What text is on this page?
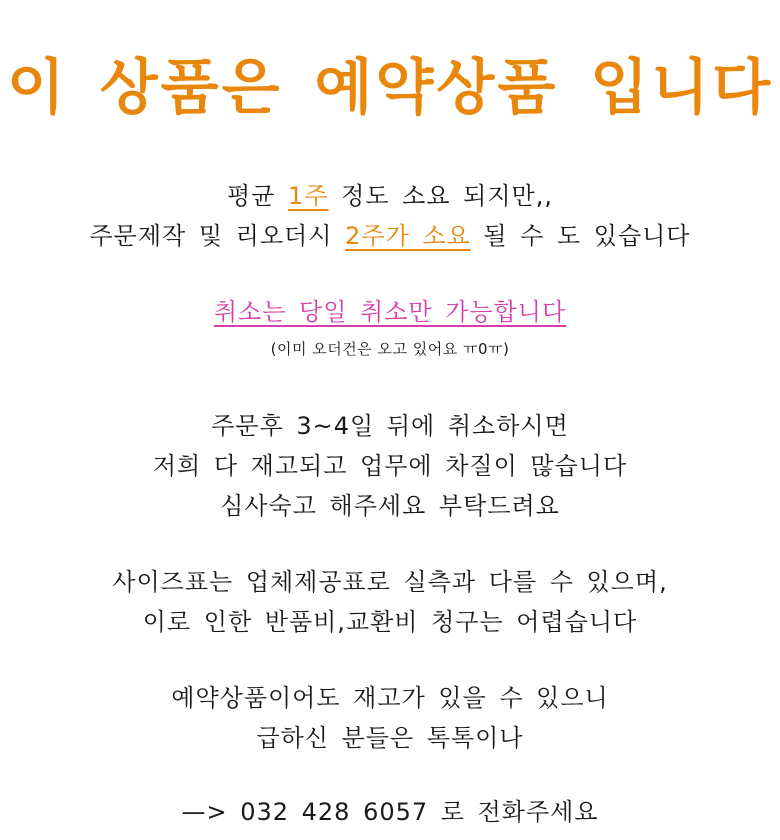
이 상품은 예약상품 입니다
평균 1주 정도 소요 되지만,,
주문제작 및 리오더시 2주가 소요 될 수 도 있습니다
취소는 당일 취소만 가능합니다
(이미 오더건은 오고 있어요 ㅠ0ㅠ)
주문후 3~4일 뒤에 취소하시면
저희 다 재고되고 업무에 차질이 많습니다
심사숙고 해주세요 부탁드려요
사이즈표는 업체제공표로 실측과 다를 수 있으며,
이로 인한 반품비,교환비 청구는 어렵습니다
예약상품이어도 재고가 있을 수 있으니
급하신 분들은 톡톡이나
—> 032 428 6057 로 전화주세요
